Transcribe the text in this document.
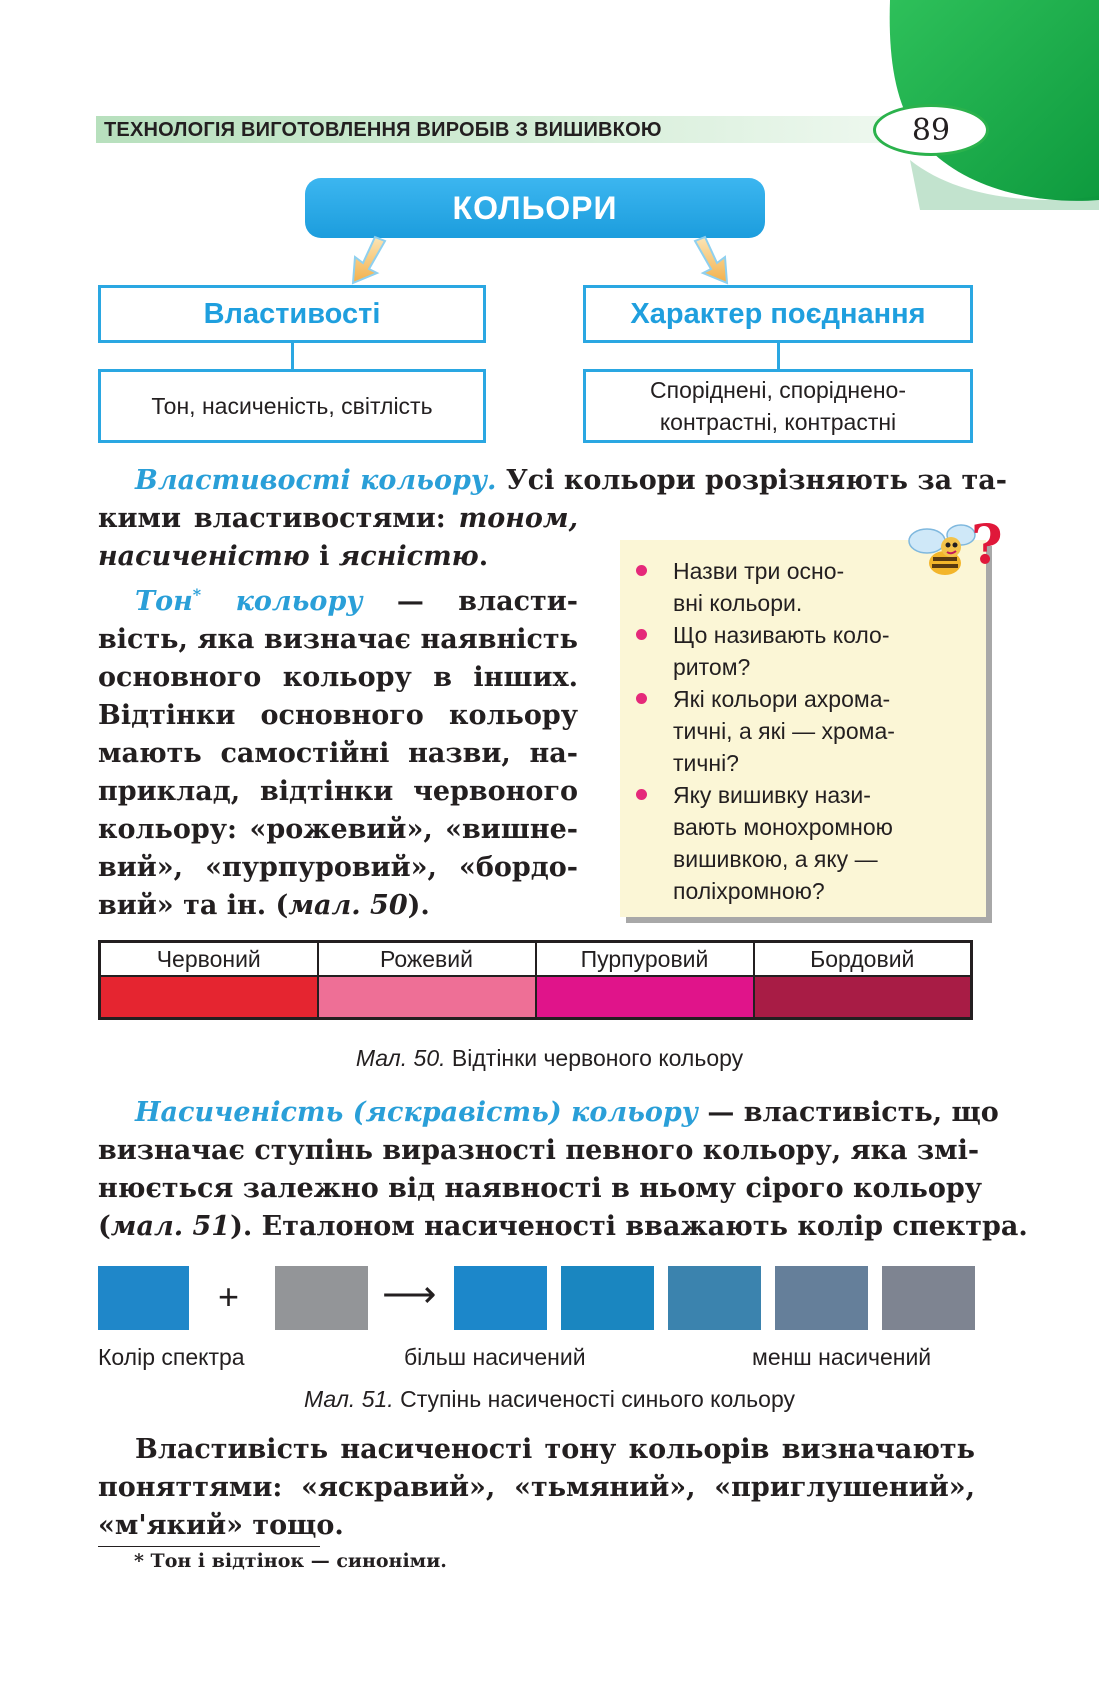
ТЕХНОЛОГІЯ ВИГОТОВЛЕННЯ ВИРОБІВ З ВИШИВКОЮ	89
КОЛЬОРИ
Властивості
Тон, насиченість, світлість
Характер поєднання
Споріднені, спорідненo-
контрастні, контрастні
Властивості кольору. Усі кольори розрізняють за та-
кими властивостями: тоном,
насиченістю і яcністю.
Тон* кольору — власти-
вість, яка визначає наявність
основного кольору в інших.
Відтінки основного кольору
мають самостійні назви, на-
приклад, відтінки червоного
кольору: «рожевий», «вишне-
вий», «пурпуровий», «бордо-
вий» та ін. (мал. 50).
?
Назви три осно-
вні кольори.
Що називають коло-
ритом?
Які кольори ахрома-
тичні, а які — хрома-
тичні?
Яку вишивку нази-
вають монохромною
вишивкою, а яку —
поліхромною?
Червоний	Рожевий	Пурпуровий	Бордовий

Мал. 50. Відтінки червоного кольору
Насиченість (яскравість) кольору — властивість, що
визначає ступінь виразності певного кольору, яка змі-
нюється залежно від наявності в ньому сірого кольору
(мал. 51). Еталоном насиченості вважають колір спектра.
+	⟶
Колір спектра	більш насичений	менш насичений
Мал. 51. Ступінь насиченості синього кольору
Властивість насиченості тону кольорів визначають
поняттями: «яскравий», «тьмяний», «приглушений»,
«м'який» тощо.
* Тон і відтінок — синоніми.
